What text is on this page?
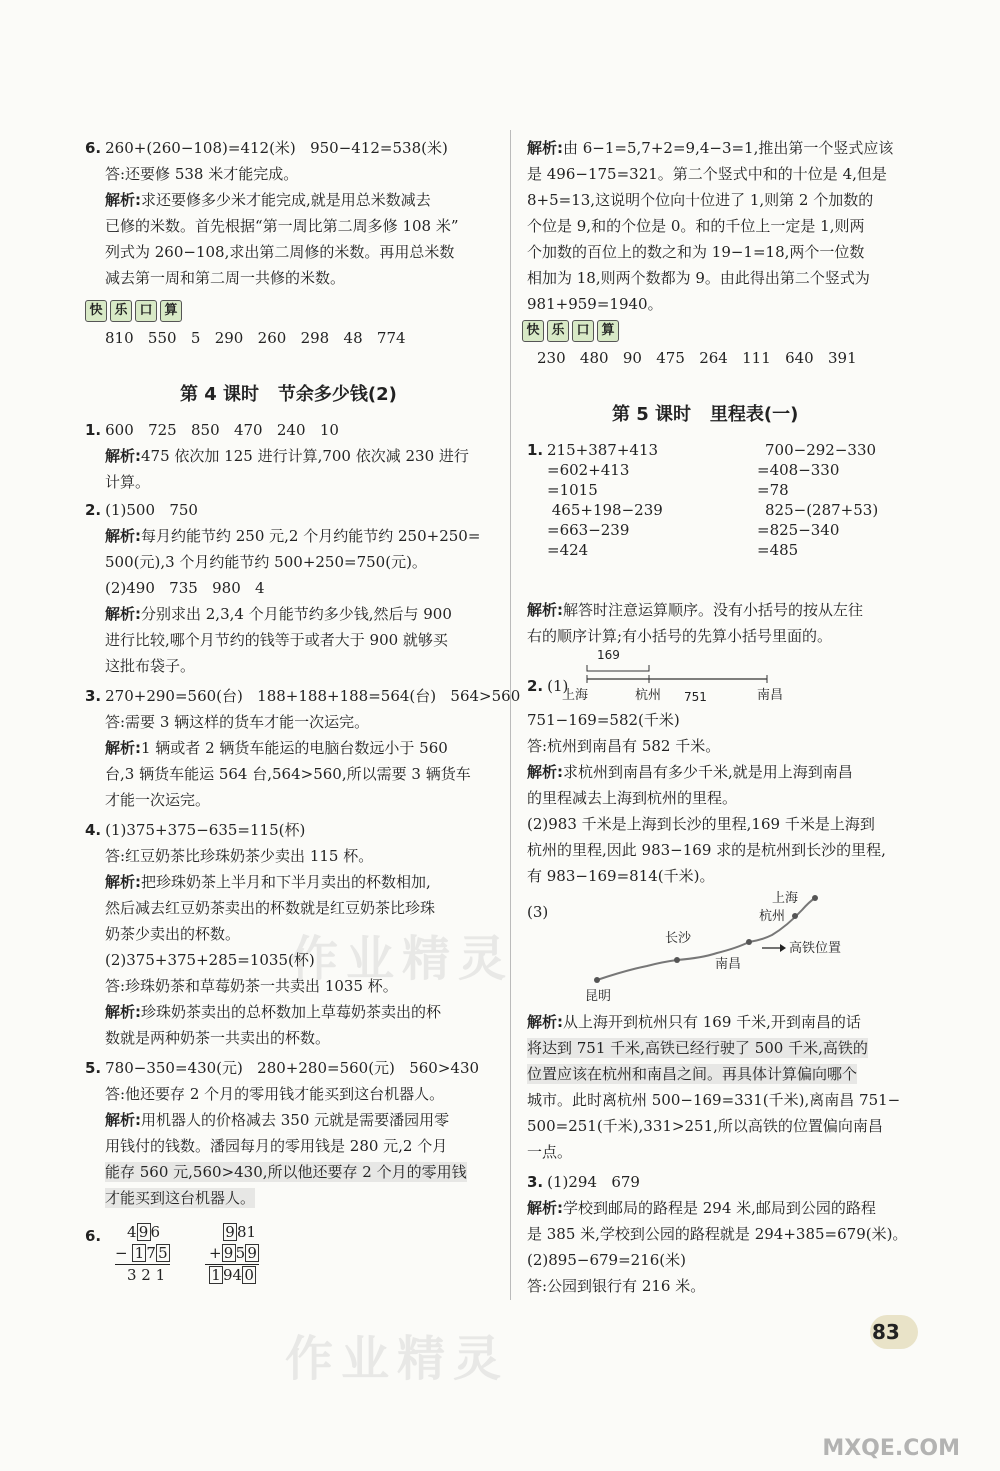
作业精灵
作业精灵
6. 260+(260−108)=412(米)   950−412=538(米)
答:还要修 538 米才能完成。
解析:求还要修多少米才能完成,就是用总米数减去
已修的米数。首先根据“第一周比第二周多修 108 米”
列式为 260−108,求出第二周修的米数。再用总米数
减去第一周和第二周一共修的米数。
快 乐 口 算
810   550   5   290   260   298   48   774
第 4 课时   节余多少钱(2)
1. 600   725   850   470   240   10
解析:475 依次加 125 进行计算,700 依次减 230 进行
计算。
2. (1)500   750
解析:每月约能节约 250 元,2 个月约能节约 250+250=
500(元),3 个月约能节约 500+250=750(元)。
(2)490   735   980   4
解析:分别求出 2,3,4 个月能节约多少钱,然后与 900
进行比较,哪个月节约的钱等于或者大于 900 就够买
这批布袋子。
3. 270+290=560(台)   188+188+188=564(台)   564>560
答:需要 3 辆这样的货车才能一次运完。
解析:1 辆或者 2 辆货车能运的电脑台数远小于 560
台,3 辆货车能运 564 台,564>560,所以需要 3 辆货车
才能一次运完。
4. (1)375+375−635=115(杯)
答:红豆奶茶比珍珠奶茶少卖出 115 杯。
解析:把珍珠奶茶上半月和下半月卖出的杯数相加,
然后减去红豆奶茶卖出的杯数就是红豆奶茶比珍珠
奶茶少卖出的杯数。
(2)375+375+285=1035(杯)
答:珍珠奶茶和草莓奶茶一共卖出 1035 杯。
解析:珍珠奶茶卖出的总杯数加上草莓奶茶卖出的杯
数就是两种奶茶一共卖出的杯数。
5. 780−350=430(元)   280+280=560(元)   560>430
答:他还要存 2 个月的零用钱才能买到这台机器人。
解析:用机器人的价格减去 350 元就是需要潘园用零
用钱付的钱数。潘园每月的零用钱是 280 元,2 个月
能存 560 元,560>430,所以他还要存 2 个月的零用钱
才能买到这台机器人。
6.	4 9 6
− 1 7 5
3 2 1
9 81
+ 9 5 9
1 94 0
解析:由 6−1=5,7+2=9,4−3=1,推出第一个竖式应该
是 496−175=321。第二个竖式中和的十位是 4,但是
8+5=13,这说明个位向十位进了 1,则第 2 个加数的
个位是 9,和的个位是 0。和的千位上一定是 1,则两
个加数的百位上的数之和为 19−1=18,两个一位数
相加为 18,则两个数都为 9。由此得出第二个竖式为
981+959=1940。
快 乐 口 算
230   480   90   475   264   111   640   391
第 5 课时   里程表(一)
1. 215+387+413
=602+413
=1015
465+198−239
=663−239
=424
700−292−330
=408−330
=78
825−(287+53)
=825−340
=485
解析:解答时注意运算顺序。没有小括号的按从左往
右的顺序计算;有小括号的先算小括号里面的。
2. (1)
169
上海	杭州 751	南昌
751−169=582(千米)
答:杭州到南昌有 582 千米。
解析:求杭州到南昌有多少千米,就是用上海到南昌
的里程减去上海到杭州的里程。
(2)983 千米是上海到长沙的里程,169 千米是上海到
杭州的里程,因此 983−169 求的是杭州到长沙的里程,
有 983−169=814(千米)。
(3)
上海
杭州
长沙
南昌
高铁位置
昆明
解析:从上海开到杭州只有 169 千米,开到南昌的话
将达到 751 千米,高铁已经行驶了 500 千米,高铁的
位置应该在杭州和南昌之间。再具体计算偏向哪个
城市。此时离杭州 500−169=331(千米),离南昌 751−
500=251(千米),331>251,所以高铁的位置偏向南昌
一点。
3. (1)294   679
解析:学校到邮局的路程是 294 米,邮局到公园的路程
是 385 米,学校到公园的路程就是 294+385=679(米)。
(2)895−679=216(米)
答:公园到银行有 216 米。
83
MXQE.COM
